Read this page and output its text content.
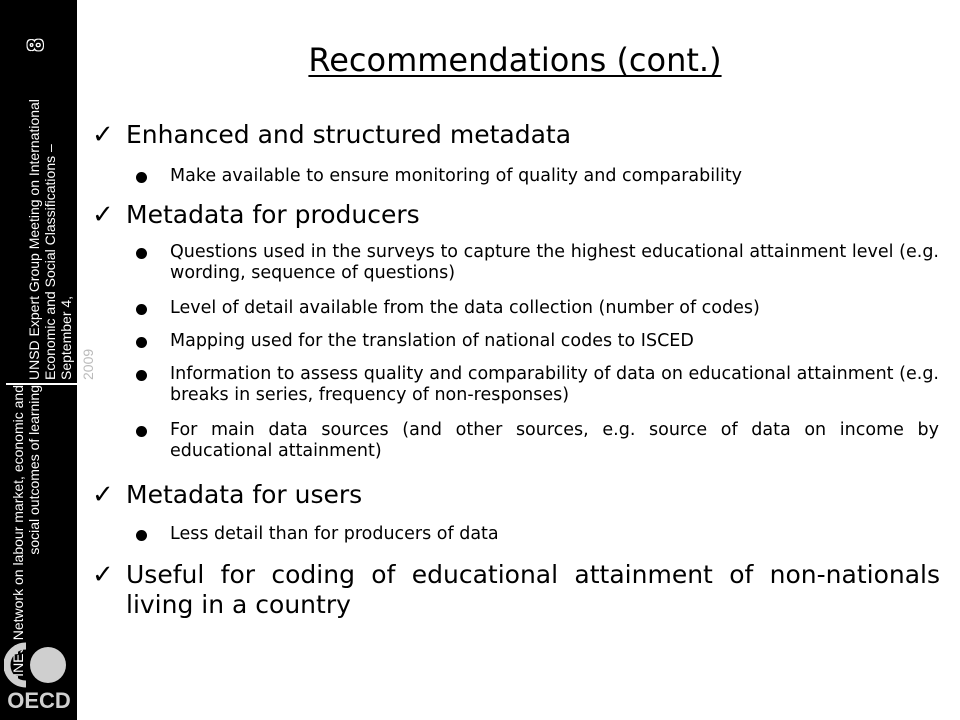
8
UNSD Expert Group Meeting on International Economic and Social Classifications – September 4, 2009
INES Network on labour market, economic and social outcomes of learning
OECD
Recommendations (cont.)
✓ Enhanced and structured metadata
Make available to ensure monitoring of quality and comparability
✓ Metadata for producers
Questions used in the surveys to capture the highest educational attainment level (e.g. wording, sequence of questions)
Level of detail available from the data collection (number of codes)
Mapping used for the translation of national codes to ISCED
Information to assess quality and comparability of data on educational attainment (e.g. breaks in series, frequency of non-responses)
For main data sources (and other sources, e.g. source of data on income by educational attainment)
✓ Metadata for users
Less detail than for producers of data
✓ Useful for coding of educational attainment of non-nationals living in a country
